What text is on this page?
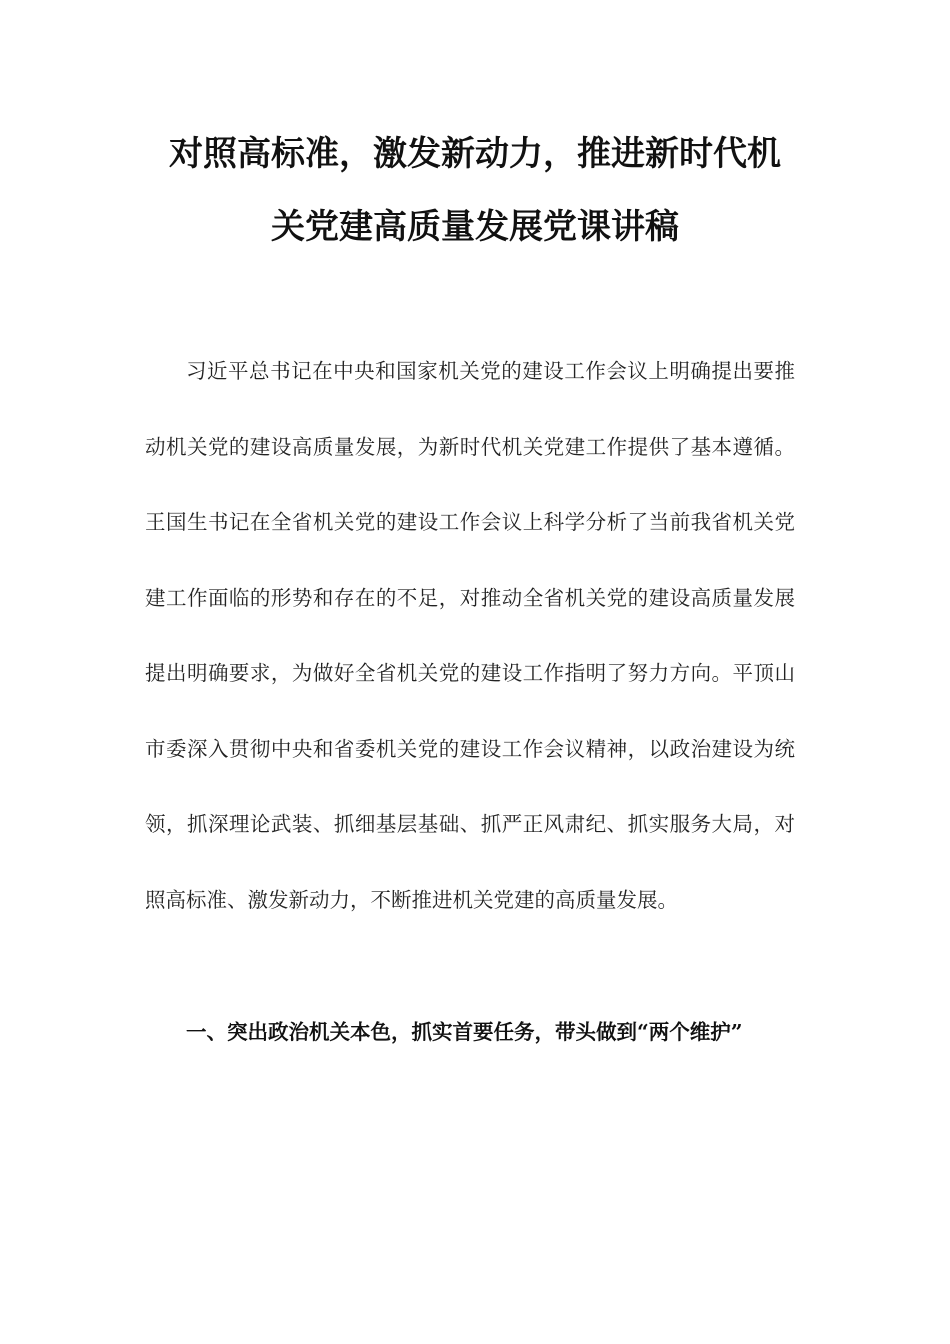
对照高标准，激发新动力，推进新时代机
关党建高质量发展党课讲稿

习近平总书记在中央和国家机关党的建设工作会议上明确提出要推动机关党的建设高质量发展，为新时代机关党建工作提供了基本遵循。王国生书记在全省机关党的建设工作会议上科学分析了当前我省机关党建工作面临的形势和存在的不足，对推动全省机关党的建设高质量发展提出明确要求，为做好全省机关党的建设工作指明了努力方向。平顶山市委深入贯彻中央和省委机关党的建设工作会议精神，以政治建设为统领，抓深理论武装、抓细基层基础、抓严正风肃纪、抓实服务大局，对照高标准、激发新动力，不断推进机关党建的高质量发展。

一、突出政治机关本色，抓实首要任务，带头做到“两个维护”
